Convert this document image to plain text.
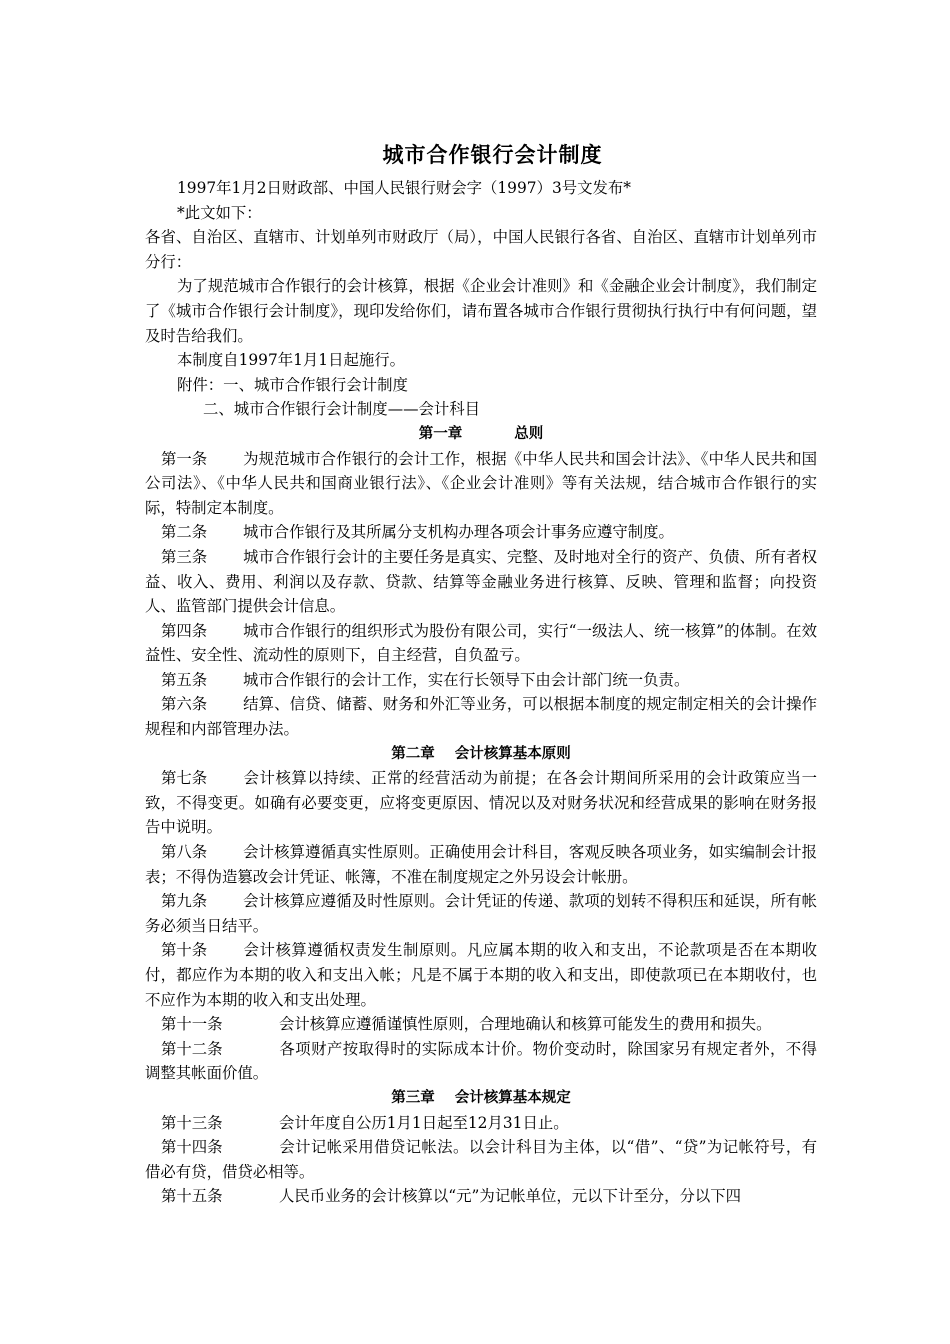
城市合作银行会计制度

1997年1月2日财政部、中国人民银行财会字（1997）3号文发布*

*此文如下：

各省、自治区、直辖市、计划单列市财政厅（局），中国人民银行各省、自治区、直辖市计划单列市分行：

为了规范城市合作银行的会计核算，根据《企业会计准则》和《金融企业会计制度》，我们制定了《城市合作银行会计制度》，现印发给你们，请布置各城市合作银行贯彻执行执行中有何问题，望及时告给我们。

本制度自1997年1月1日起施行。

附件：一、城市合作银行会计制度

二、城市合作银行会计制度——会计科目

第一章	总则

第一条 为规范城市合作银行的会计工作，根据《中华人民共和国会计法》、《中华人民共和国公司法》、《中华人民共和国商业银行法》、《企业会计准则》等有关法规，结合城市合作银行的实际，特制定本制度。

第二条 城市合作银行及其所属分支机构办理各项会计事务应遵守制度。

第三条 城市合作银行会计的主要任务是真实、完整、及时地对全行的资产、负债、所有者权益、收入、费用、利润以及存款、贷款、结算等金融业务进行核算、反映、管理和监督；向投资人、监管部门提供会计信息。

第四条 城市合作银行的组织形式为股份有限公司，实行“一级法人、统一核算”的体制。在效益性、安全性、流动性的原则下，自主经营，自负盈亏。

第五条 城市合作银行的会计工作，实在行长领导下由会计部门统一负责。

第六条 结算、信贷、储蓄、财务和外汇等业务，可以根据本制度的规定制定相关的会计操作规程和内部管理办法。

第二章 会计核算基本原则

第七条 会计核算以持续、正常的经营活动为前提；在各会计期间所采用的会计政策应当一致，不得变更。如确有必要变更，应将变更原因、情况以及对财务状况和经营成果的影响在财务报告中说明。

第八条 会计核算遵循真实性原则。正确使用会计科目，客观反映各项业务，如实编制会计报表；不得伪造篡改会计凭证、帐簿，不准在制度规定之外另设会计帐册。

第九条 会计核算应遵循及时性原则。会计凭证的传递、款项的划转不得积压和延误，所有帐务必须当日结平。

第十条 会计核算遵循权责发生制原则。凡应属本期的收入和支出，不论款项是否在本期收付，都应作为本期的收入和支出入帐；凡是不属于本期的收入和支出，即使款项已在本期收付，也不应作为本期的收入和支出处理。

第十一条	会计核算应遵循谨慎性原则，合理地确认和核算可能发生的费用和损失。

第十二条	各项财产按取得时的实际成本计价。物价变动时，除国家另有规定者外，不得调整其帐面价值。

第三章 会计核算基本规定

第十三条	会计年度自公历1月1日起至12月31日止。

第十四条	会计记帐采用借贷记帐法。以会计科目为主体，以“借”、“贷”为记帐符号，有借必有贷，借贷必相等。

第十五条	人民币业务的会计核算以“元”为记帐单位，元以下计至分，分以下四
